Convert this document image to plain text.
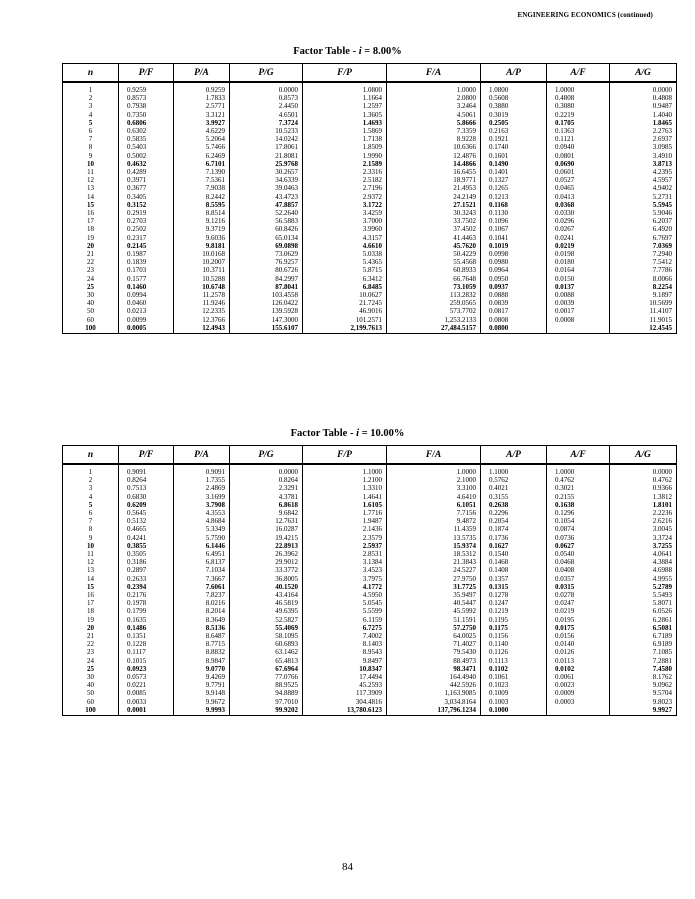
ENGINEERING ECONOMICS (continued)
Factor Table - i = 8.00%
n	P/F	P/A	P/G	F/P	F/A	A/P	A/F	A/G
1	0.9259	0.9259	0.0000	1.0800	1.0000	1.0800	1.0000	0.0000
2	0.8573	1.7833	0.8573	1.1664	2.0800	0.5608	0.4808	0.4808
3	0.7938	2.5771	2.4450	1.2597	3.2464	0.3880	0.3080	0.9487
4	0.7350	3.3121	4.6501	1.3605	4.5061	0.3019	0.2219	1.4040
5	0.6806	3.9927	7.3724	1.4693	5.8666	0.2505	0.1705	1.8465
6	0.6302	4.6229	10.5233	1.5869	7.3359	0.2163	0.1363	2.2763
7	0.5835	5.2064	14.0242	1.7138	8.9228	0.1921	0.1121	2.6937
8	0.5403	5.7466	17.8061	1.8509	10.6366	0.1740	0.0940	3.0985
9	0.5002	6.2469	21.8081	1.9990	12.4876	0.1601	0.0801	3.4910
10	0.4632	6.7101	25.9768	2.1589	14.4866	0.1490	0.0690	3.8713
11	0.4289	7.1390	30.2657	2.3316	16.6455	0.1401	0.0601	4.2395
12	0.3971	7.5361	34.6339	2.5182	18.9771	0.1327	0.0527	4.5957
13	0.3677	7.9038	39.0463	2.7196	21.4953	0.1265	0.0465	4.9402
14	0.3405	8.2442	43.4723	2.9372	24.2149	0.1213	0.0413	5.2731
15	0.3152	8.5595	47.8857	3.1722	27.1521	0.1168	0.0368	5.5945
16	0.2919	8.8514	52.2640	3.4259	30.3243	0.1130	0.0330	5.9046
17	0.2703	9.1216	56.5883	3.7000	33.7502	0.1096	0.0296	6.2037
18	0.2502	9.3719	60.8426	3.9960	37.4502	0.1067	0.0267	6.4920
19	0.2317	9.6036	65.0134	4.3157	41.4463	0.1041	0.0241	6.7697
20	0.2145	9.8181	69.0898	4.6610	45.7620	0.1019	0.0219	7.0369
21	0.1987	10.0168	73.0629	5.0338	50.4229	0.0998	0.0198	7.2940
22	0.1839	10.2007	76.9257	5.4365	55.4568	0.0980	0.0180	7.5412
23	0.1703	10.3711	80.6726	5.8715	60.8933	0.0964	0.0164	7.7786
24	0.1577	10.5288	84.2997	6.3412	66.7648	0.0950	0.0150	8.0066
25	0.1460	10.6748	87.8041	6.8485	73.1059	0.0937	0.0137	8.2254
30	0.0994	11.2578	103.4558	10.0627	113.2832	0.0888	0.0088	9.1897
40	0.0460	11.9246	126.0422	21.7245	259.0565	0.0839	0.0039	10.5699
50	0.0213	12.2335	139.5928	46.9016	573.7702	0.0817	0.0017	11.4107
60	0.0099	12.3766	147.3000	101.2571	1,253.2133	0.0808	0.0008	11.9015
100	0.0005	12.4943	155.6107	2,199.7613	27,484.5157	0.0800		12.4545
Factor Table - i = 10.00%
n	P/F	P/A	P/G	F/P	F/A	A/P	A/F	A/G
1	0.9091	0.9091	0.0000	1.1000	1.0000	1.1000	1.0000	0.0000
2	0.8264	1.7355	0.8264	1.2100	2.1000	0.5762	0.4762	0.4762
3	0.7513	2.4869	2.3291	1.3310	3.3100	0.4021	0.3021	0.9366
4	0.6830	3.1699	4.3781	1.4641	4.6410	0.3155	0.2155	1.3812
5	0.6209	3.7908	6.8618	1.6105	6.1051	0.2638	0.1638	1.8101
6	0.5645	4.3553	9.6842	1.7716	7.7156	0.2296	0.1296	2.2236
7	0.5132	4.8684	12.7631	1.9487	9.4872	0.2054	0.1054	2.6216
8	0.4665	5.3349	16.0287	2.1436	11.4359	0.1874	0.0874	3.0045
9	0.4241	5.7590	19.4215	2.3579	13.5735	0.1736	0.0736	3.3724
10	0.3855	6.1446	22.8913	2.5937	15.9374	0.1627	0.0627	3.7255
11	0.3505	6.4951	26.3962	2.8531	18.5312	0.1540	0.0540	4.0641
12	0.3186	6.8137	29.9012	3.1384	21.3843	0.1468	0.0468	4.3884
13	0.2897	7.1034	33.3772	3.4523	24.5227	0.1408	0.0408	4.6988
14	0.2633	7.3667	36.8005	3.7975	27.9750	0.1357	0.0357	4.9955
15	0.2394	7.6061	40.1520	4.1772	31.7725	0.1315	0.0315	5.2789
16	0.2176	7.8237	43.4164	4.5950	35.9497	0.1278	0.0278	5.5493
17	0.1978	8.0216	46.5819	5.0545	40.5447	0.1247	0.0247	5.8071
18	0.1799	8.2014	49.6395	5.5599	45.5992	0.1219	0.0219	6.0526
19	0.1635	8.3649	52.5827	6.1159	51.1591	0.1195	0.0195	6.2861
20	0.1486	8.5136	55.4069	6.7275	57.2750	0.1175	0.0175	6.5081
21	0.1351	8.6487	58.1095	7.4002	64.0025	0.1156	0.0156	6.7189
22	0.1228	8.7715	60.6893	8.1403	71.4027	0.1140	0.0140	6.9189
23	0.1117	8.8832	63.1462	8.9543	79.5430	0.1126	0.0126	7.1085
24	0.1015	8.9847	65.4813	9.8497	88.4973	0.1113	0.0113	7.2881
25	0.0923	9.0770	67.6964	10.8347	98.3471	0.1102	0.0102	7.4580
30	0.0573	9.4269	77.0766	17.4494	164.4940	0.1061	0.0061	8.1762
40	0.0221	9.7791	88.9525	45.2593	442.5926	0.1023	0.0023	9.0962
50	0.0085	9.9148	94.8889	117.3909	1,163.9085	0.1009	0.0009	9.5704
60	0.0033	9.9672	97.7010	304.4816	3,034.8164	0.1003	0.0003	9.8023
100	0.0001	9.9993	99.9202	13,780.6123	137,796.1234	0.1000		9.9927
84
